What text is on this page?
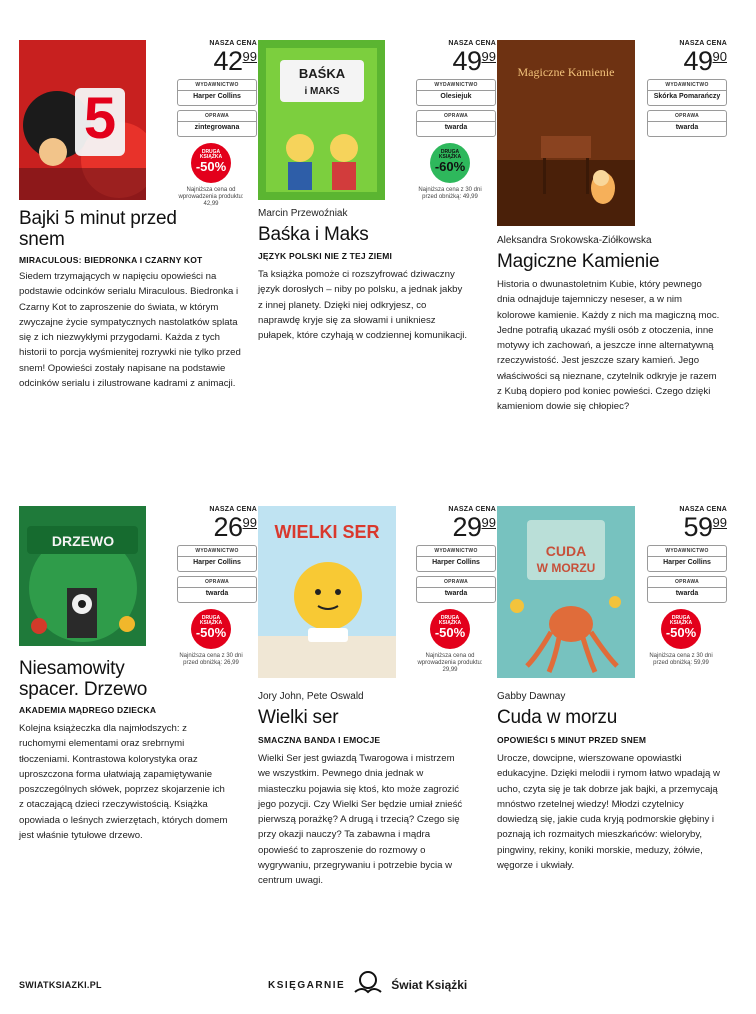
5
NASZA CENA
$42^{99}$
WYDAWNICTWO
Harper Collins
OPRAWA
zintegrowana
DRUGA KSIĄŻKA
-50%
Najniższa cena od wprowadzenia produktu: 42,99
Bajki 5 minut przed snem
MIRACULOUS: BIEDRONKA I CZARNY KOT
Siedem trzymających w napięciu opowieści na podstawie odcinków serialu Miraculous. Biedronka i Czarny Kot to zaproszenie do świata, w którym zwyczajne życie sympatycznych nastolatków splata się z ich niezwykłymi przygodami. Każda z tych historii to porcja wyśmienitej rozrywki nie tylko przed snem! Opowieści zostały napisane na podstawie odcinków serialu i zilustrowane kadrami z animacji.
BAŚKA
i MAKS
NASZA CENA
$49^{99}$
WYDAWNICTWO
Olesiejuk
OPRAWA
twarda
DRUGA KSIĄŻKA
-60%
Najniższa cena z 30 dni przed obniżką: 49,99
Marcin Przewoźniak
Baśka i Maks
JĘZYK POLSKI NIE Z TEJ ZIEMI
Ta książka pomoże ci rozszyfrować dziwaczny język dorosłych – niby po polsku, a jednak jakby z innej planety. Dzięki niej odkryjesz, co naprawdę kryje się za słowami i unikniesz pułapek, które czyhają w codziennej komunikacji.
Magiczne Kamienie
NASZA CENA
$49^{90}$
WYDAWNICTWO
Skórka Pomarańczy
OPRAWA
twarda
Aleksandra Srokowska-Ziółkowska
Magiczne Kamienie
Historia o dwunastoletnim Kubie, który pewnego dnia odnajduje tajemniczy neseser, a w nim kolorowe kamienie. Każdy z nich ma magiczną moc. Jedne potrafią ukazać myśli osób z otoczenia, inne motywy ich zachowań, a jeszcze inne alternatywną rzeczywistość. Jest jeszcze szary kamień. Jego właściwości są nieznane, czytelnik odkryje je razem z Kubą dopiero pod koniec powieści. Czego dzięki kamieniom dowie się chłopiec?
DRZEWO
NASZA CENA
$26^{99}$
WYDAWNICTWO
Harper Collins
OPRAWA
twarda
DRUGA KSIĄŻKA
-50%
Najniższa cena z 30 dni przed obniżką: 26,99
Niesamowity spacer. Drzewo
AKADEMIA MĄDREGO DZIECKA
Kolejna książeczka dla najmłodszych: z ruchomymi elementami oraz srebrnymi tłoczeniami. Kontrastowa kolorystyka oraz uproszczona forma ułatwiają zapamiętywanie poszczególnych słówek, poprzez skojarzenie ich z otaczającą dzieci rzeczywistością. Książka opowiada o leśnych zwierzętach, których domem jest właśnie tytułowe drzewo.
WIELKI SER
NASZA CENA
$29^{99}$
WYDAWNICTWO
Harper Collins
OPRAWA
twarda
DRUGA KSIĄŻKA
-50%
Najniższa cena od wprowadzenia produktu: 29,99
Jory John, Pete Oswald
Wielki ser
SMACZNA BANDA I EMOCJE
Wielki Ser jest gwiazdą Twarogowa i mistrzem we wszystkim. Pewnego dnia jednak w miasteczku pojawia się ktoś, kto może zagrozić jego pozycji. Czy Wielki Ser będzie umiał znieść pierwszą porażkę? A drugą i trzecią? Czego się przy okazji nauczy? Ta zabawna i mądra opowieść to zaproszenie do rozmowy o wygrywaniu, przegrywaniu i potrzebie bycia w centrum uwagi.
CUDA
W MORZU
NASZA CENA
$59^{99}$
WYDAWNICTWO
Harper Collins
OPRAWA
twarda
DRUGA KSIĄŻKA
-50%
Najniższa cena z 30 dni przed obniżką: 59,99
Gabby Dawnay
Cuda w morzu
OPOWIEŚCI 5 MINUT PRZED SNEM
Urocze, dowcipne, wierszowane opowiastki edukacyjne. Dzięki melodii i rymom łatwo wpadają w ucho, czyta się je tak dobrze jak bajki, a przemycają mnóstwo rzetelnej wiedzy! Młodzi czytelnicy dowiedzą się, jakie cuda kryją podmorskie głębiny i poznają ich rozmaitych mieszkańców: wieloryby, pingwiny, rekiny, koniki morskie, meduzy, żółwie, węgorze i ukwiały.
SWIATKSIAZKI.PL	KSIĘGARNIE	Świat Książki
